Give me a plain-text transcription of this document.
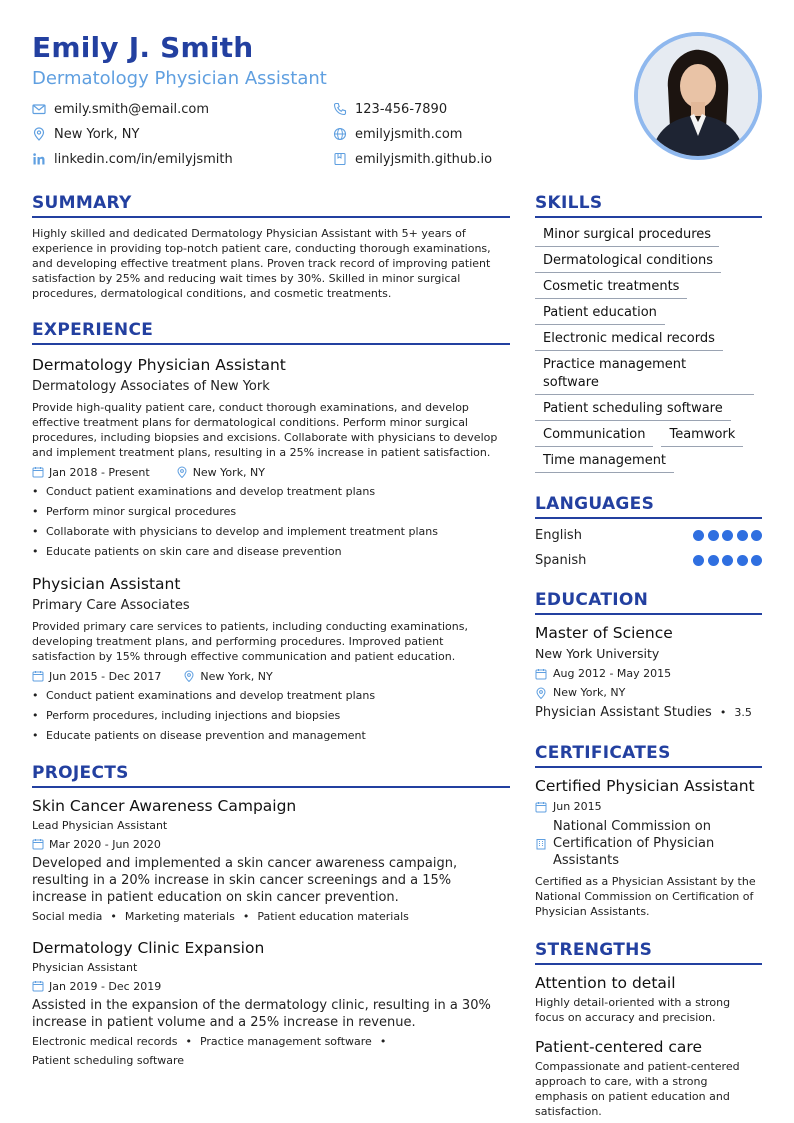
Emily J. Smith
Dermatology Physician Assistant
emily.smith@email.com	123-456-7890
New York, NY	emilyjsmith.com
linkedin.com/in/emilyjsmith	emilyjsmith.github.io
SUMMARY
Highly skilled and dedicated Dermatology Physician Assistant with 5+ years of experience in providing top-notch patient care, conducting thorough examinations, and developing effective treatment plans. Proven track record of improving patient satisfaction by 25% and reducing wait times by 30%. Skilled in minor surgical procedures, dermatological conditions, and cosmetic treatments.
EXPERIENCE
Dermatology Physician Assistant
Dermatology Associates of New York
Provide high-quality patient care, conduct thorough examinations, and develop effective treatment plans for dermatological conditions. Perform minor surgical procedures, including biopsies and excisions. Collaborate with physicians to develop and implement treatment plans, resulting in a 25% increase in patient satisfaction.
Jan 2018 - Present	New York, NY
• Conduct patient examinations and develop treatment plans
• Perform minor surgical procedures
• Collaborate with physicians to develop and implement treatment plans
• Educate patients on skin care and disease prevention
Physician Assistant
Primary Care Associates
Provided primary care services to patients, including conducting examinations, developing treatment plans, and performing procedures. Improved patient satisfaction by 15% through effective communication and patient education.
Jun 2015 - Dec 2017	New York, NY
• Conduct patient examinations and develop treatment plans
• Perform procedures, including injections and biopsies
• Educate patients on disease prevention and management
PROJECTS
Skin Cancer Awareness Campaign
Lead Physician Assistant
Mar 2020 - Jun 2020
Developed and implemented a skin cancer awareness campaign, resulting in a 20% increase in skin cancer screenings and a 15% increase in patient education on skin cancer prevention.
Social media • Marketing materials • Patient education materials
Dermatology Clinic Expansion
Physician Assistant
Jan 2019 - Dec 2019
Assisted in the expansion of the dermatology clinic, resulting in a 30% increase in patient volume and a 25% increase in revenue.
Electronic medical records • Practice management software •
Patient scheduling software
SKILLS
Minor surgical procedures
Dermatological conditions
Cosmetic treatments
Patient education
Electronic medical records
Practice management software
Patient scheduling software
Communication	Teamwork
Time management
LANGUAGES
English
Spanish
EDUCATION
Master of Science
New York University
Aug 2012 - May 2015
New York, NY
Physician Assistant Studies • 3.5
CERTIFICATES
Certified Physician Assistant
Jun 2015
National Commission on Certification of Physician Assistants
Certified as a Physician Assistant by the National Commission on Certification of Physician Assistants.
STRENGTHS
Attention to detail
Highly detail-oriented with a strong focus on accuracy and precision.
Patient-centered care
Compassionate and patient-centered approach to care, with a strong emphasis on patient education and satisfaction.
